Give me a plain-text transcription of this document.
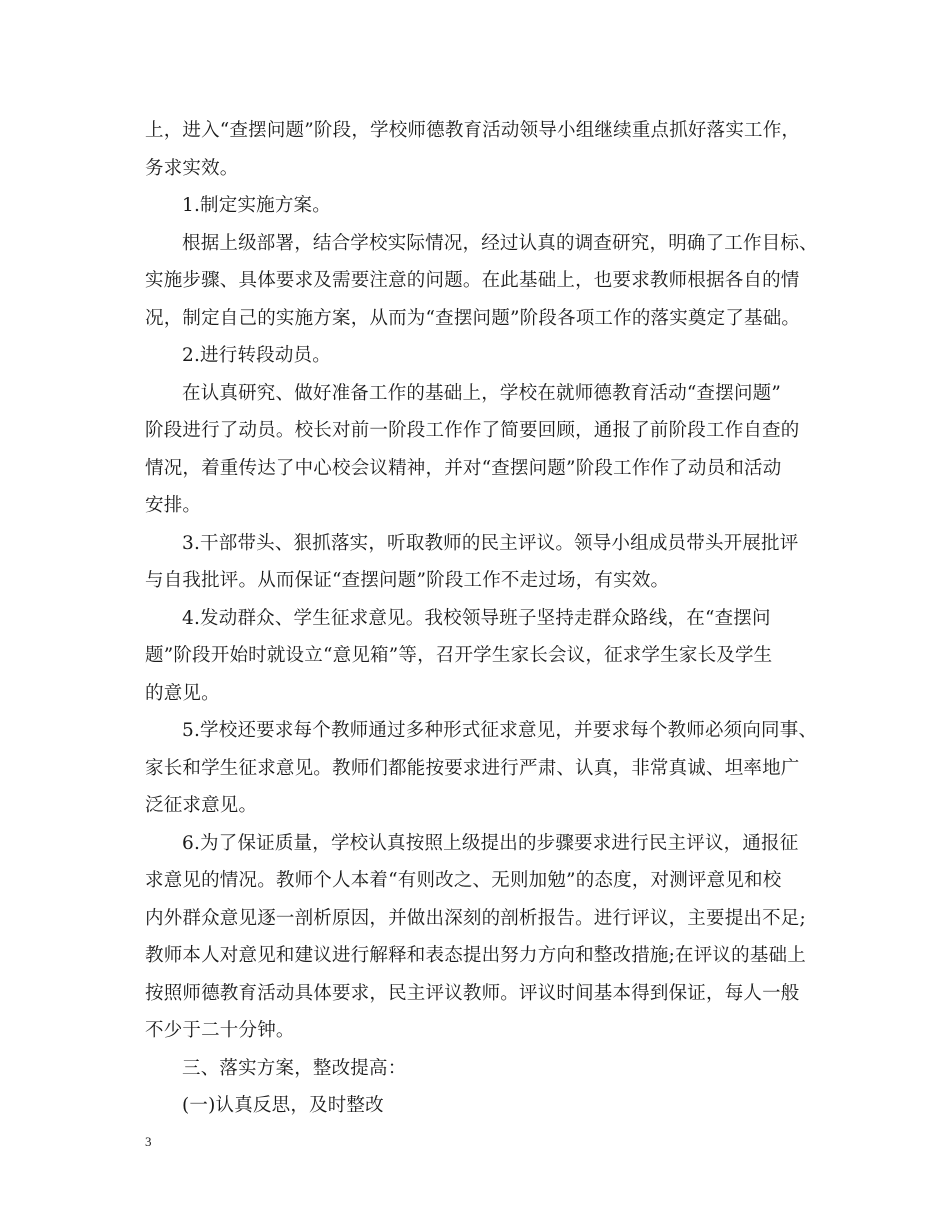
上，进入“查摆问题”阶段，学校师德教育活动领导小组继续重点抓好落实工作，
务求实效。
1.制定实施方案。
根据上级部署，结合学校实际情况，经过认真的调查研究，明确了工作目标、
实施步骤、具体要求及需要注意的问题。在此基础上，也要求教师根据各自的情
况，制定自己的实施方案，从而为“查摆问题”阶段各项工作的落实奠定了基础。
2.进行转段动员。
在认真研究、做好准备工作的基础上，学校在就师德教育活动“查摆问题”
阶段进行了动员。校长对前一阶段工作作了简要回顾，通报了前阶段工作自查的
情况，着重传达了中心校会议精神，并对“查摆问题”阶段工作作了动员和活动
安排。
3.干部带头、狠抓落实，听取教师的民主评议。领导小组成员带头开展批评
与自我批评。从而保证“查摆问题”阶段工作不走过场，有实效。
4.发动群众、学生征求意见。我校领导班子坚持走群众路线，在“查摆问
题”阶段开始时就设立“意见箱”等，召开学生家长会议，征求学生家长及学生
的意见。
5.学校还要求每个教师通过多种形式征求意见，并要求每个教师必须向同事、
家长和学生征求意见。教师们都能按要求进行严肃、认真，非常真诚、坦率地广
泛征求意见。
6.为了保证质量，学校认真按照上级提出的步骤要求进行民主评议，通报征
求意见的情况。教师个人本着“有则改之、无则加勉”的态度，对测评意见和校
内外群众意见逐一剖析原因，并做出深刻的剖析报告。进行评议，主要提出不足;
教师本人对意见和建议进行解释和表态提出努力方向和整改措施;在评议的基础上
按照师德教育活动具体要求，民主评议教师。评议时间基本得到保证，每人一般
不少于二十分钟。
三、落实方案，整改提高：
(一)认真反思，及时整改
3
